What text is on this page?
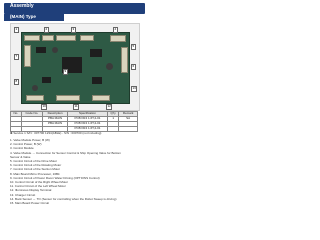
Assembly
(MAIN) Type
1	2	3	4
5
6
7
8
9
10	11	12
13
No.	Code No.	Description	Specification	Q'ty	Remark
		PBA MAIN	PCB FR4 1.6T,2-01	1	SA
		PBA MAIN	PCB FR4 1.6T,2-01		
			PCB FR4 1.6T,2-01		
✽ Service 1 S/N : 007700 1234(ABLE) - S/N : 000700 (not Including)
1. Valve Module Power, B (W)
2. Control Power, B (W)
3. Control Module
4. Valve Module → Connection for Sensor Control & Ship Opening Valve for Bottom
Sensor & Valve
5. Control Circuit of the Drive Motor
6. Control Circuit of the Rotating Motor
7. Control Circuit of the Suction Motor
8. Main Board Micro Processor, 16Bit
9. Control Circuit of Power Room Water Driving (OPTIONS Control)
10. Control Circuit of the Right Wheel Motor
11. Control Circuit of the Left Wheel Motor
12. Illuminous Display Terminal
13. Charger Circuit
14. Bock Sensor ↔ TO (Sensor for controlling when the Robot Sweep is driving)
15. Main Board Power Circuit
